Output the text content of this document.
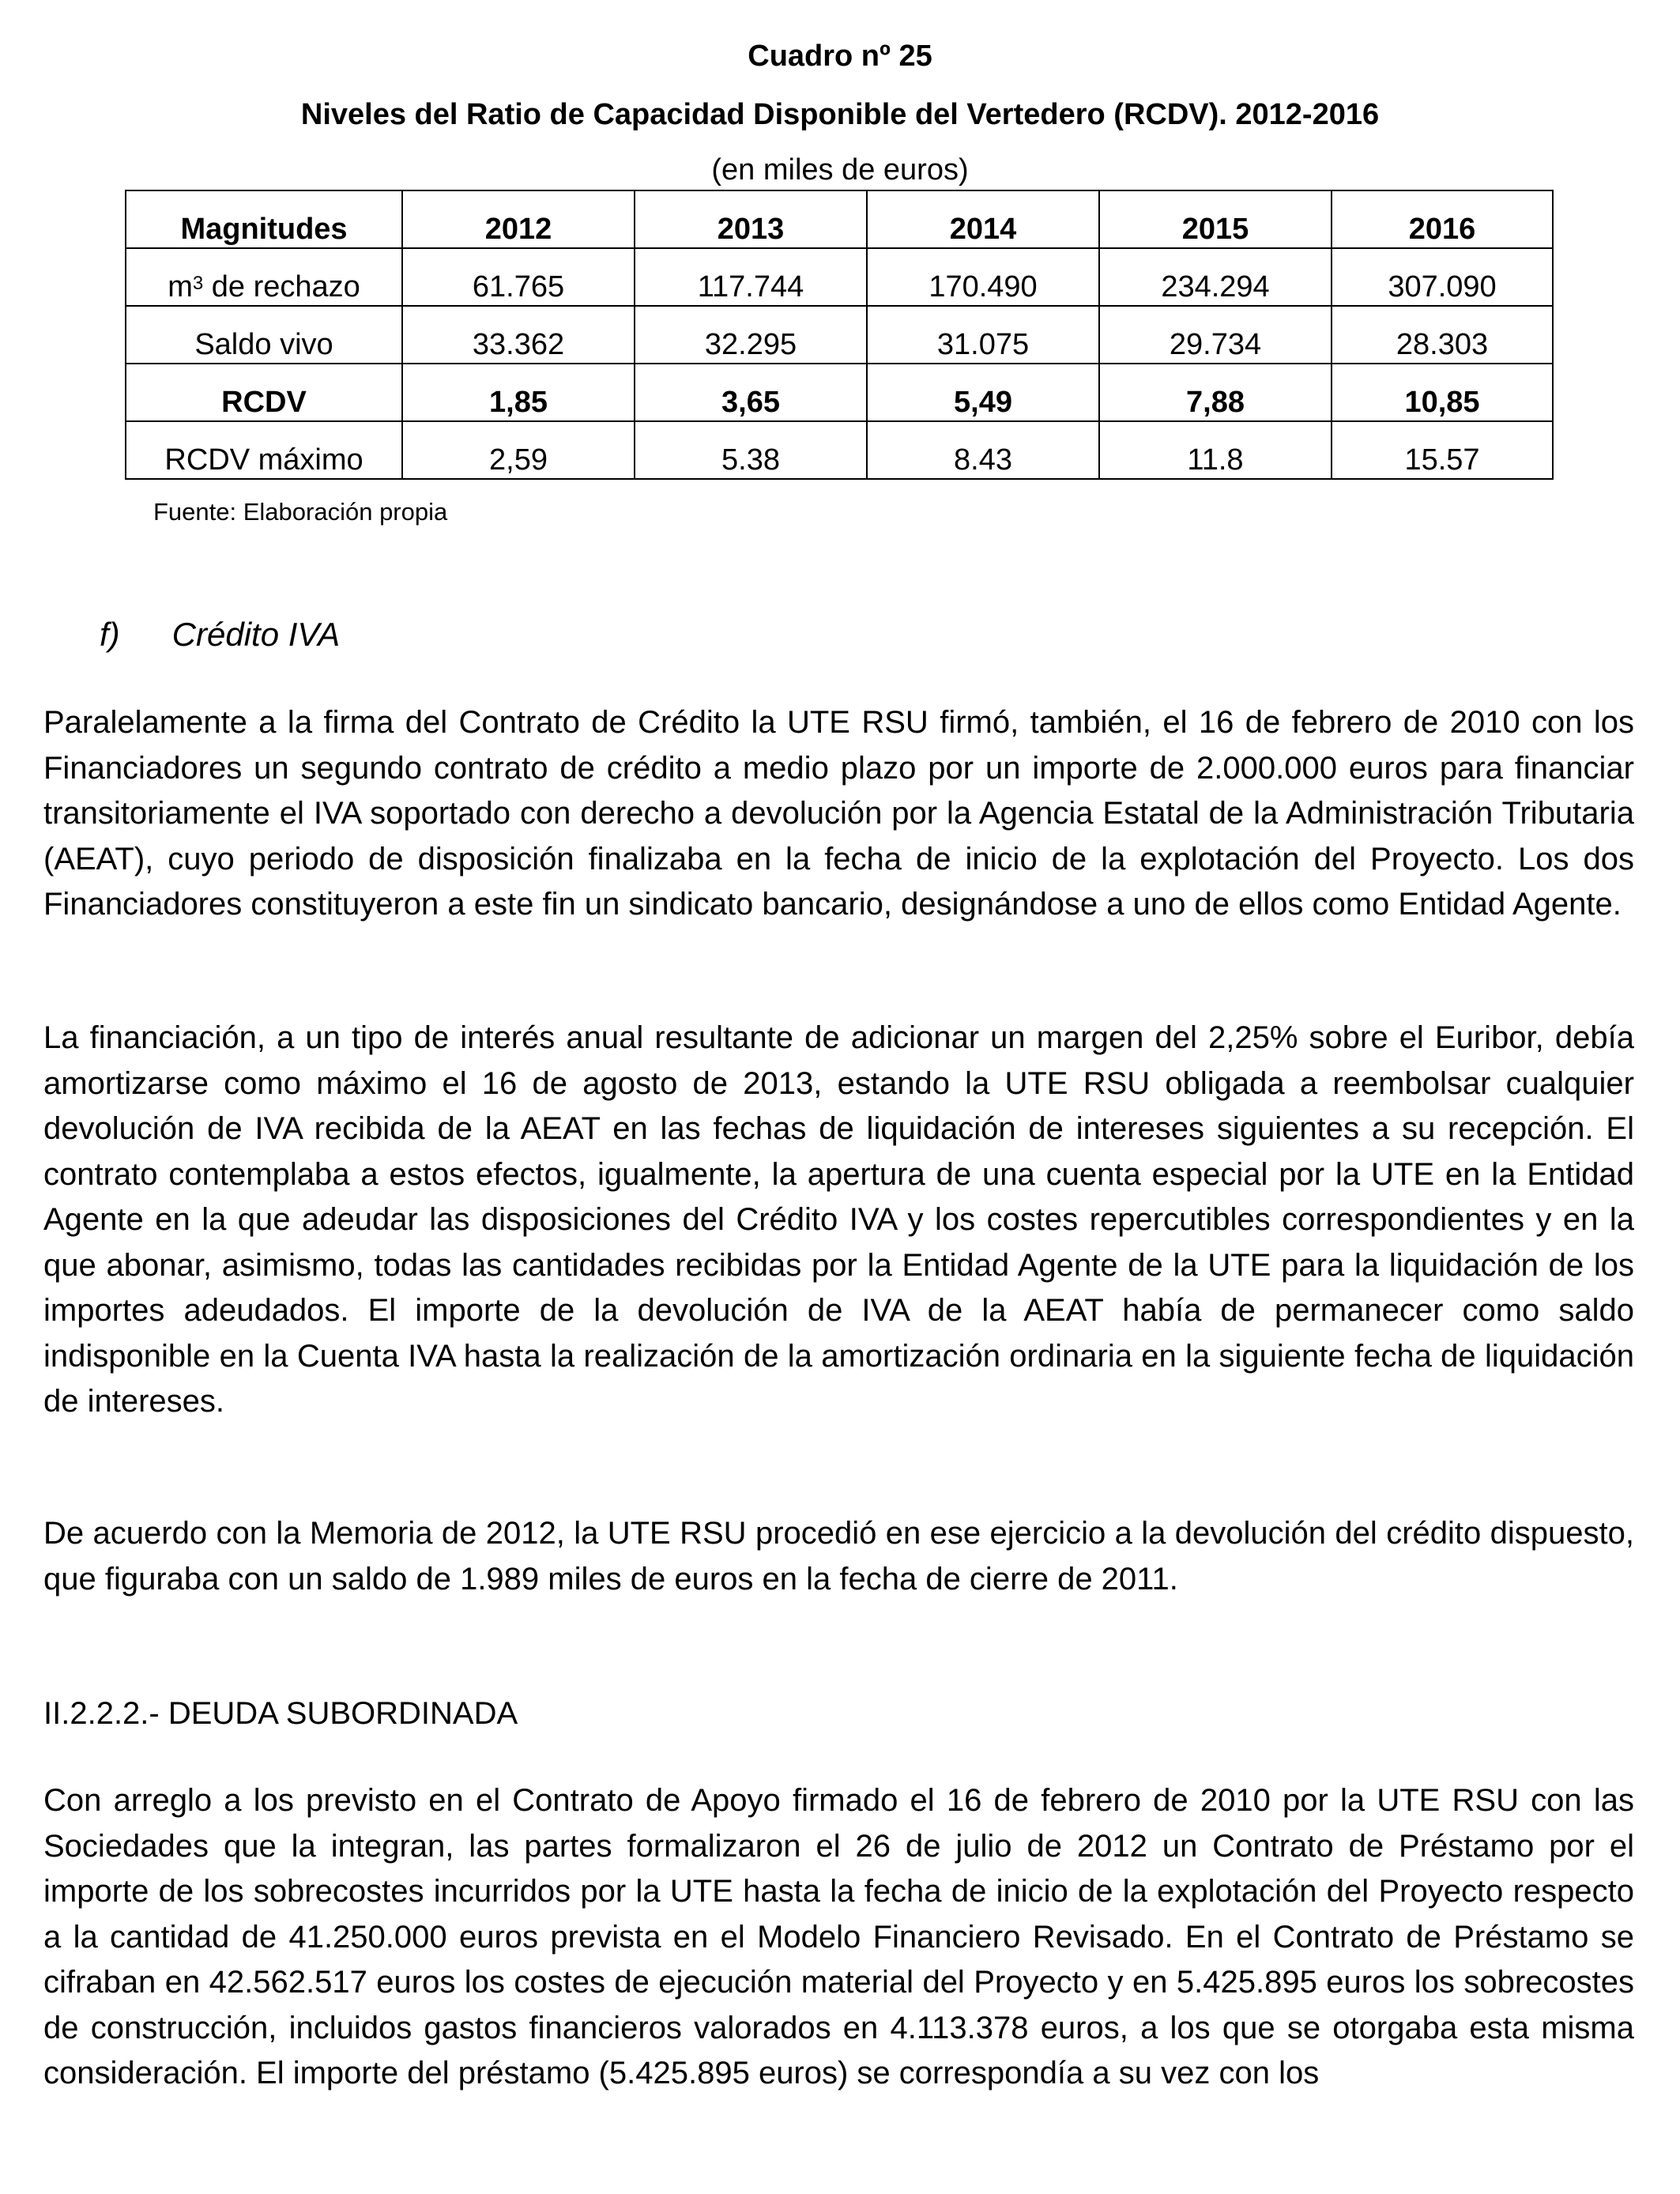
Cuadro nº 25
Niveles del Ratio de Capacidad Disponible del Vertedero (RCDV). 2012-2016
(en miles de euros)
Magnitudes	2012	2013	2014	2015	2016
$m^3$ de rechazo	61.765	117.744	170.490	234.294	307.090
Saldo vivo	33.362	32.295	31.075	29.734	28.303
RCDV	1,85	3,65	5,49	7,88	10,85
RCDV máximo	2,59	5.38	8.43	11.8	15.57
Fuente: Elaboración propia
f) Crédito IVA

Paralelamente a la firma del Contrato de Crédito la UTE RSU firmó, también, el 16 de febrero de 2010 con los Financiadores un segundo contrato de crédito a medio plazo por un importe de 2.000.000 euros para financiar transitoriamente el IVA soportado con derecho a devolución por la Agencia Estatal de la Administración Tributaria (AEAT), cuyo periodo de disposición finalizaba en la fecha de inicio de la explotación del Proyecto. Los dos Financiadores constituyeron a este fin un sindicato bancario, designándose a uno de ellos como Entidad Agente.

La financiación, a un tipo de interés anual resultante de adicionar un margen del 2,25% sobre el Euribor, debía amortizarse como máximo el 16 de agosto de 2013, estando la UTE RSU obligada a reembolsar cualquier devolución de IVA recibida de la AEAT en las fechas de liquidación de intereses siguientes a su recepción. El contrato contemplaba a estos efectos, igualmente, la apertura de una cuenta especial por la UTE en la Entidad Agente en la que adeudar las disposiciones del Crédito IVA y los costes repercutibles correspondientes y en la que abonar, asimismo, todas las cantidades recibidas por la Entidad Agente de la UTE para la liquidación de los importes adeudados. El importe de la devolución de IVA de la AEAT había de permanecer como saldo indisponible en la Cuenta IVA hasta la realización de la amortización ordinaria en la siguiente fecha de liquidación de intereses.

De acuerdo con la Memoria de 2012, la UTE RSU procedió en ese ejercicio a la devolución del crédito dispuesto, que figuraba con un saldo de 1.989 miles de euros en la fecha de cierre de 2011.

II.2.2.2.- DEUDA SUBORDINADA

Con arreglo a los previsto en el Contrato de Apoyo firmado el 16 de febrero de 2010 por la UTE RSU con las Sociedades que la integran, las partes formalizaron el 26 de julio de 2012 un Contrato de Préstamo por el importe de los sobrecostes incurridos por la UTE hasta la fecha de inicio de la explotación del Proyecto respecto a la cantidad de 41.250.000 euros prevista en el Modelo Financiero Revisado. En el Contrato de Préstamo se cifraban en 42.562.517 euros los costes de ejecución material del Proyecto y en 5.425.895 euros los sobrecostes de construcción, incluidos gastos financieros valorados en 4.113.378 euros, a los que se otorgaba esta misma consideración. El importe del préstamo (5.425.895 euros) se correspondía a su vez con los
